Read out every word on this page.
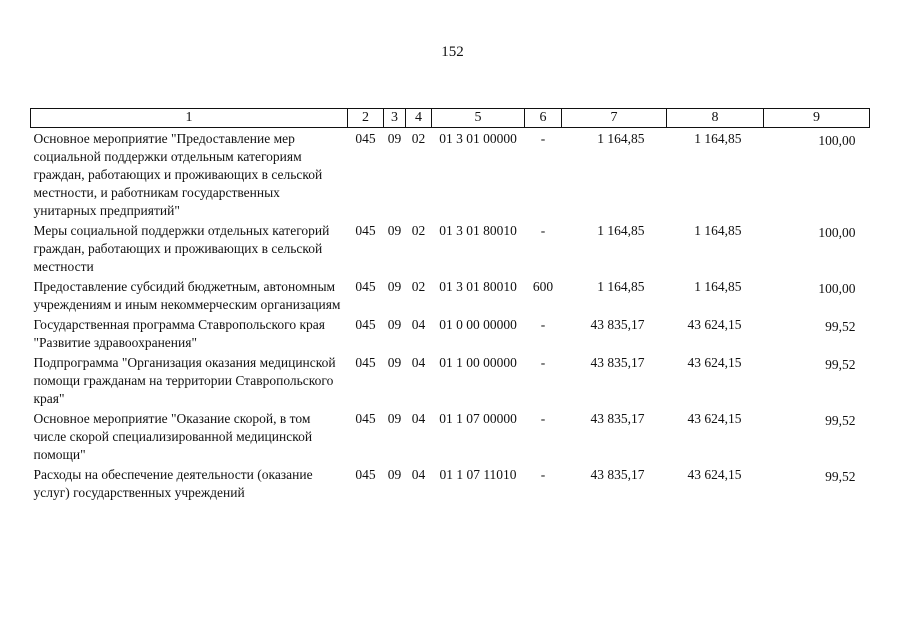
152
1	2	3	4	5	6	7	8	9
Основное мероприятие "Предоставление мер социальной поддержки отдельным категориям граждан, работающих и проживающих в сельской местности, и работникам государственных унитарных предприятий"	045	09	02	01 3 01 00000	-	1 164,85	1 164,85	100,00
Меры социальной поддержки отдельных категорий граждан, работающих и проживающих в сельской местности	045	09	02	01 3 01 80010	-	1 164,85	1 164,85	100,00
Предоставление субсидий бюджетным, автономным учреждениям и иным некоммерческим организациям	045	09	02	01 3 01 80010	600	1 164,85	1 164,85	100,00
Государственная программа Ставропольского края "Развитие здравоохранения"	045	09	04	01 0 00 00000	-	43 835,17	43 624,15	99,52
Подпрограмма "Организация оказания медицинской помощи гражданам на территории Ставропольского края"	045	09	04	01 1 00 00000	-	43 835,17	43 624,15	99,52
Основное мероприятие "Оказание скорой, в том числе скорой специализированной медицинской помощи"	045	09	04	01 1 07 00000	-	43 835,17	43 624,15	99,52
Расходы на обеспечение деятельности (оказание услуг) государственных учреждений	045	09	04	01 1 07 11010	-	43 835,17	43 624,15	99,52
